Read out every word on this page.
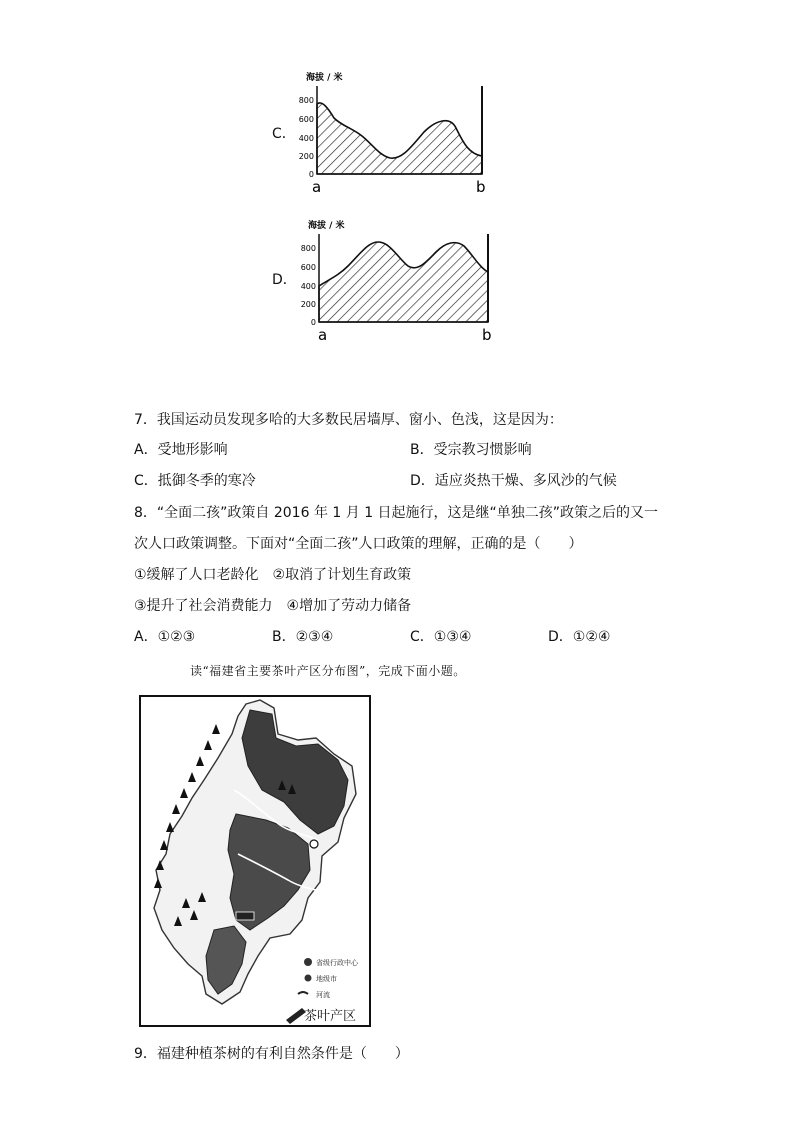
C．
海拔 / 米
800
600
400
200
0
a	b
D．
海拔 / 米
800
600
400
200
0
a	b
7．我国运动员发现多哈的大多数民居墙厚、窗小、色浅，这是因为：
A．受地形影响	B．受宗教习惯影响
C．抵御冬季的寒冷	D．适应炎热干燥、多风沙的气候
8．“全面二孩”政策自 2016 年 1 月 1 日起施行，这是继“单独二孩”政策之后的又一
次人口政策调整。下面对“全面二孩”人口政策的理解，正确的是（　　）
①缓解了人口老龄化　②取消了计划生育政策
③提升了社会消费能力　④增加了劳动力储备
A．①②③	B．②③④	C．①③④	D．①②④
读“福建省主要茶叶产区分布图”，完成下面小题。
省级行政中心
地级市
河流
茶叶产区
9．福建种植茶树的有利自然条件是（　　）
